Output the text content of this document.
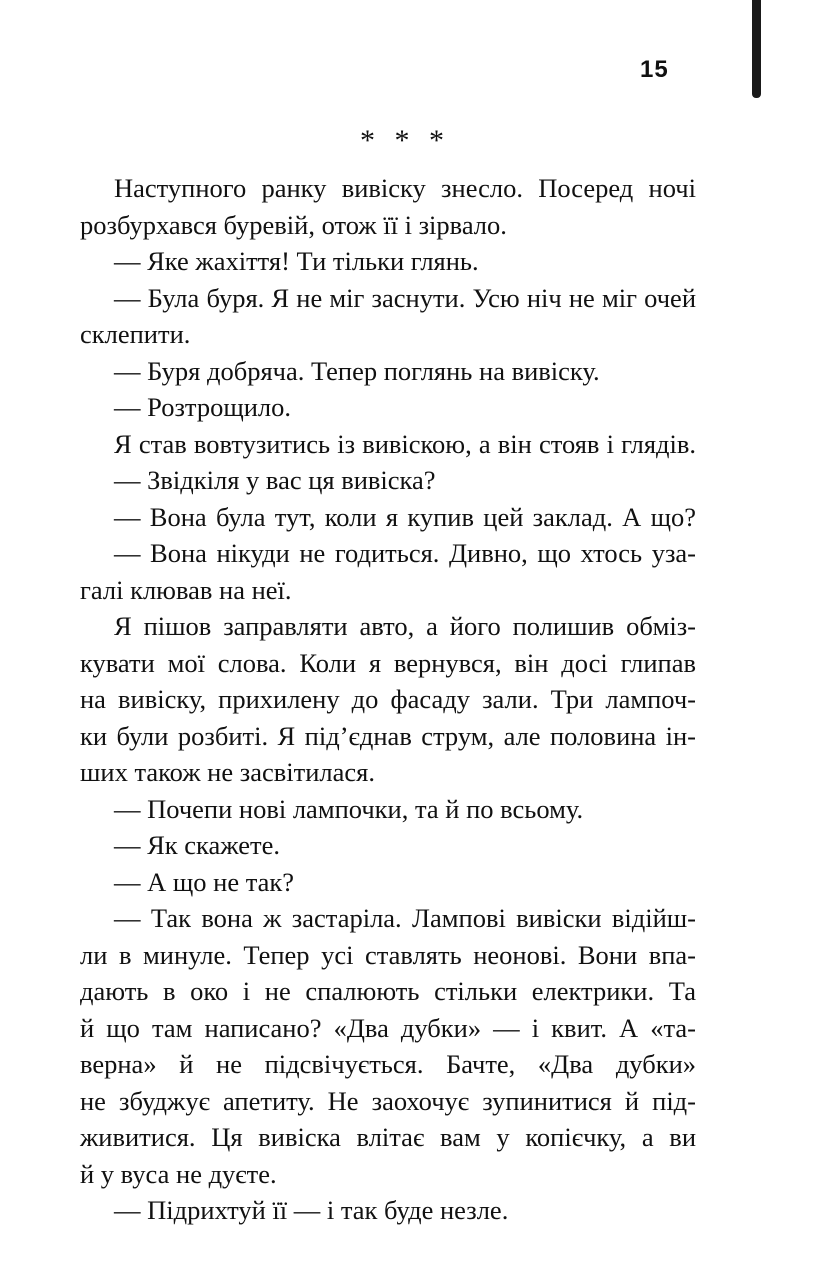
15
* * *

Наступного ранку вивіску знесло. Посеред ночі

розбурхався буревій, отож її і зірвало.

— Яке жахіття! Ти тільки глянь.

— Була буря. Я не міг заснути. Усю ніч не міг очей

склепити.

— Буря добряча. Тепер поглянь на вивіску.

— Розтрощило.

Я став вовтузитись із вивіскою, а він стояв і глядів.

— Звідкіля у вас ця вивіска?

— Вона була тут, коли я купив цей заклад. А що?

— Вона нікуди не годиться. Дивно, що хтось уза-

галі клював на неї.

Я пішов заправляти авто, а його полишив обміз-

кувати мої слова. Коли я вернувся, він досі глипав

на вивіску, прихилену до фасаду зали. Три лампоч-

ки були розбиті. Я під’єднав струм, але половина ін-

ших також не засвітилася.

— Почепи нові лампочки, та й по всьому.

— Як скажете.

— А що не так?

— Так вона ж застаріла. Лампові вивіски відійш-

ли в минуле. Тепер усі ставлять неонові. Вони впа-

дають в око і не спалюють стільки електрики. Та

й що там написано? «Два дубки» — і квит. А «та-

верна» й не підсвічується. Бачте, «Два дубки»

не збуджує апетиту. Не заохочує зупинитися й під-

живитися. Ця вивіска влітає вам у копієчку, а ви

й у вуса не дуєте.

— Підрихтуй її — і так буде незле.
